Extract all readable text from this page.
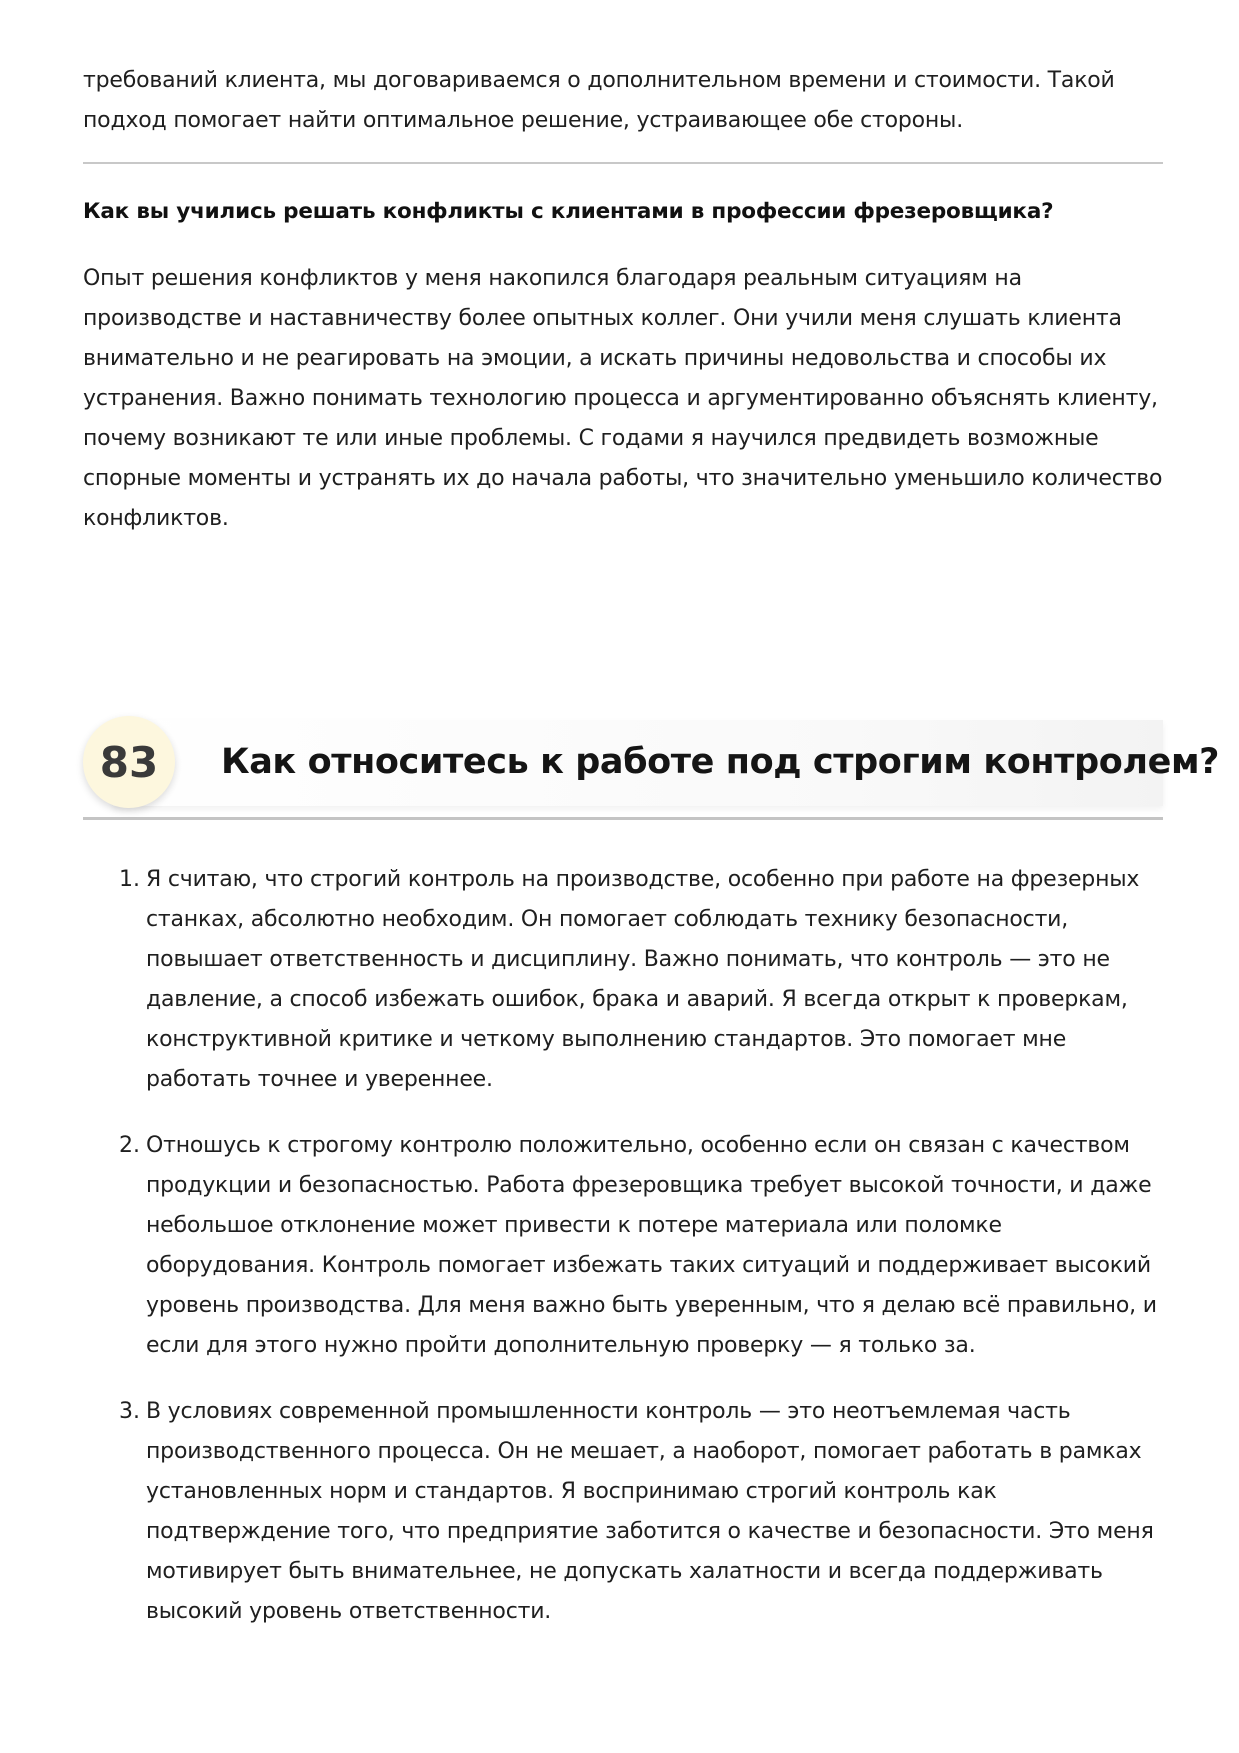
требований клиента, мы договариваемся о дополнительном времени и стоимости. Такой подход помогает найти оптимальное решение, устраивающее обе стороны.

Как вы учились решать конфликты с клиентами в профессии фрезеровщика?

Опыт решения конфликтов у меня накопился благодаря реальным ситуациям на производстве и наставничеству более опытных коллег. Они учили меня слушать клиента внимательно и не реагировать на эмоции, а искать причины недовольства и способы их устранения. Важно понимать технологию процесса и аргументированно объяснять клиенту, почему возникают те или иные проблемы. С годами я научился предвидеть возможные спорные моменты и устранять их до начала работы, что значительно уменьшило количество конфликтов.

83	Как относитесь к работе под строгим контролем?
1. Я считаю, что строгий контроль на производстве, особенно при работе на фрезерных станках, абсолютно необходим. Он помогает соблюдать технику безопасности, повышает ответственность и дисциплину. Важно понимать, что контроль — это не давление, а способ избежать ошибок, брака и аварий. Я всегда открыт к проверкам, конструктивной критике и четкому выполнению стандартов. Это помогает мне работать точнее и увереннее.

2. Отношусь к строгому контролю положительно, особенно если он связан с качеством продукции и безопасностью. Работа фрезеровщика требует высокой точности, и даже небольшое отклонение может привести к потере материала или поломке оборудования. Контроль помогает избежать таких ситуаций и поддерживает высокий уровень производства. Для меня важно быть уверенным, что я делаю всё правильно, и если для этого нужно пройти дополнительную проверку — я только за.

3. В условиях современной промышленности контроль — это неотъемлемая часть производственного процесса. Он не мешает, а наоборот, помогает работать в рамках установленных норм и стандартов. Я воспринимаю строгий контроль как подтверждение того, что предприятие заботится о качестве и безопасности. Это меня мотивирует быть внимательнее, не допускать халатности и всегда поддерживать высокий уровень ответственности.
